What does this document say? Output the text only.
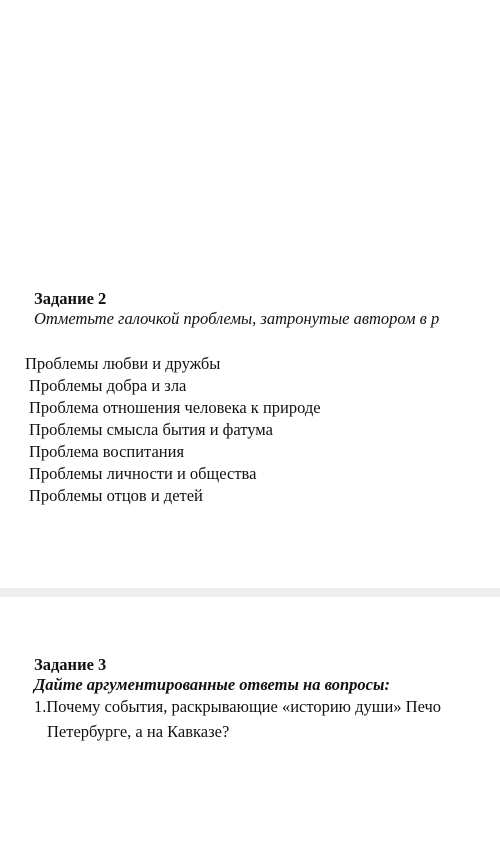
Задание 2
Отметьте галочкой проблемы, затронутые автором в р
Проблемы любви и дружбы
Проблемы добра и зла
Проблема отношения человека к природе
Проблемы смысла бытия и фатума
Проблема воспитания
Проблемы личности и общества
Проблемы отцов и детей
Задание 3
Дайте аргументированные ответы на вопросы:
1.Почему события, раскрывающие «историю души» Печо
Петербурге, а на Кавказе?
